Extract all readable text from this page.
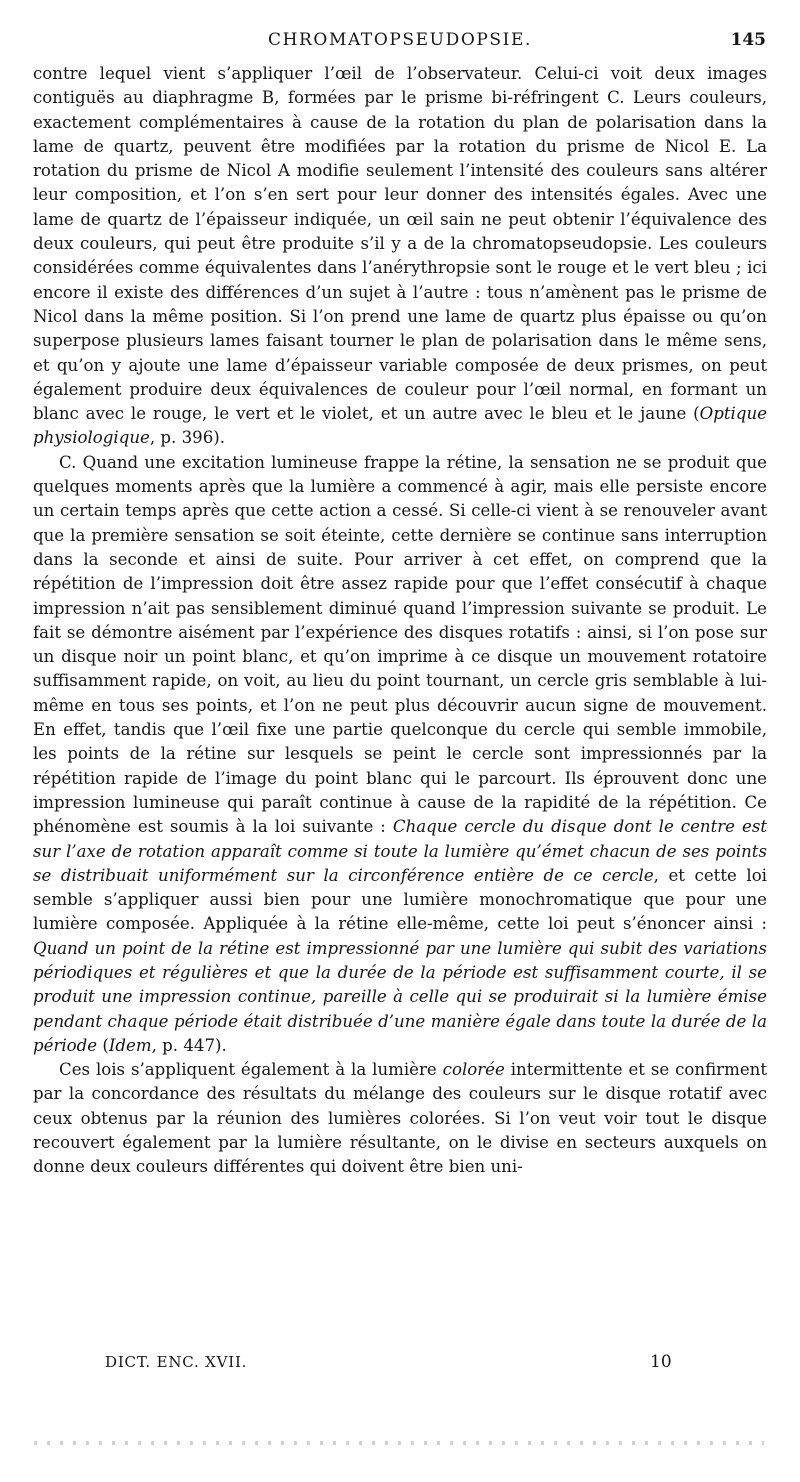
CHROMATOPSEUDOPSIE.	145

contre lequel vient s’appliquer l’œil de l’observateur. Celui-ci voit deux images contiguës au diaphragme B, formées par le prisme bi-réfringent C. Leurs couleurs, exactement complémentaires à cause de la rotation du plan de polarisation dans la lame de quartz, peuvent être modifiées par la rotation du prisme de Nicol E. La rotation du prisme de Nicol A modifie seulement l’intensité des couleurs sans altérer leur composition, et l’on s’en sert pour leur donner des intensités égales. Avec une lame de quartz de l’épaisseur indiquée, un œil sain ne peut obtenir l’équivalence des deux couleurs, qui peut être produite s’il y a de la chromatopseudopsie. Les couleurs considérées comme équivalentes dans l’anérythropsie sont le rouge et le vert bleu ; ici encore il existe des différences d’un sujet à l’autre : tous n’amènent pas le prisme de Nicol dans la même position. Si l’on prend une lame de quartz plus épaisse ou qu’on superpose plusieurs lames faisant tourner le plan de polarisation dans le même sens, et qu’on y ajoute une lame d’épaisseur variable composée de deux prismes, on peut également produire deux équivalences de couleur pour l’œil normal, en formant un blanc avec le rouge, le vert et le violet, et un autre avec le bleu et le jaune (Optique physiologique, p. 396).

C. Quand une excitation lumineuse frappe la rétine, la sensation ne se produit que quelques moments après que la lumière a commencé à agir, mais elle persiste encore un certain temps après que cette action a cessé. Si celle-ci vient à se renouveler avant que la première sensation se soit éteinte, cette dernière se continue sans interruption dans la seconde et ainsi de suite. Pour arriver à cet effet, on comprend que la répétition de l’impression doit être assez rapide pour que l’effet consécutif à chaque impression n’ait pas sensiblement diminué quand l’impression suivante se produit. Le fait se démontre aisément par l’expérience des disques rotatifs : ainsi, si l’on pose sur un disque noir un point blanc, et qu’on imprime à ce disque un mouvement rotatoire suffisamment rapide, on voit, au lieu du point tournant, un cercle gris semblable à lui-même en tous ses points, et l’on ne peut plus découvrir aucun signe de mouvement. En effet, tandis que l’œil fixe une partie quelconque du cercle qui semble immobile, les points de la rétine sur lesquels se peint le cercle sont impressionnés par la répétition rapide de l’image du point blanc qui le parcourt. Ils éprouvent donc une impression lumineuse qui paraît continue à cause de la rapidité de la répétition. Ce phénomène est soumis à la loi suivante : Chaque cercle du disque dont le centre est sur l’axe de rotation apparaît comme si toute la lumière qu’émet chacun de ses points se distribuait uniformément sur la circonférence entière de ce cercle, et cette loi semble s’appliquer aussi bien pour une lumière monochromatique que pour une lumière composée. Appliquée à la rétine elle-même, cette loi peut s’énoncer ainsi : Quand un point de la rétine est impressionné par une lumière qui subit des variations périodiques et régulières et que la durée de la période est suffisamment courte, il se produit une impression continue, pareille à celle qui se produirait si la lumière émise pendant chaque période était distribuée d’une manière égale dans toute la durée de la période (Idem, p. 447).

Ces lois s’appliquent également à la lumière colorée intermittente et se confirment par la concordance des résultats du mélange des couleurs sur le disque rotatif avec ceux obtenus par la réunion des lumières colorées. Si l’on veut voir tout le disque recouvert également par la lumière résultante, on le divise en secteurs auxquels on donne deux couleurs différentes qui doivent être bien uni-

DICT. ENC. XVII.	10
